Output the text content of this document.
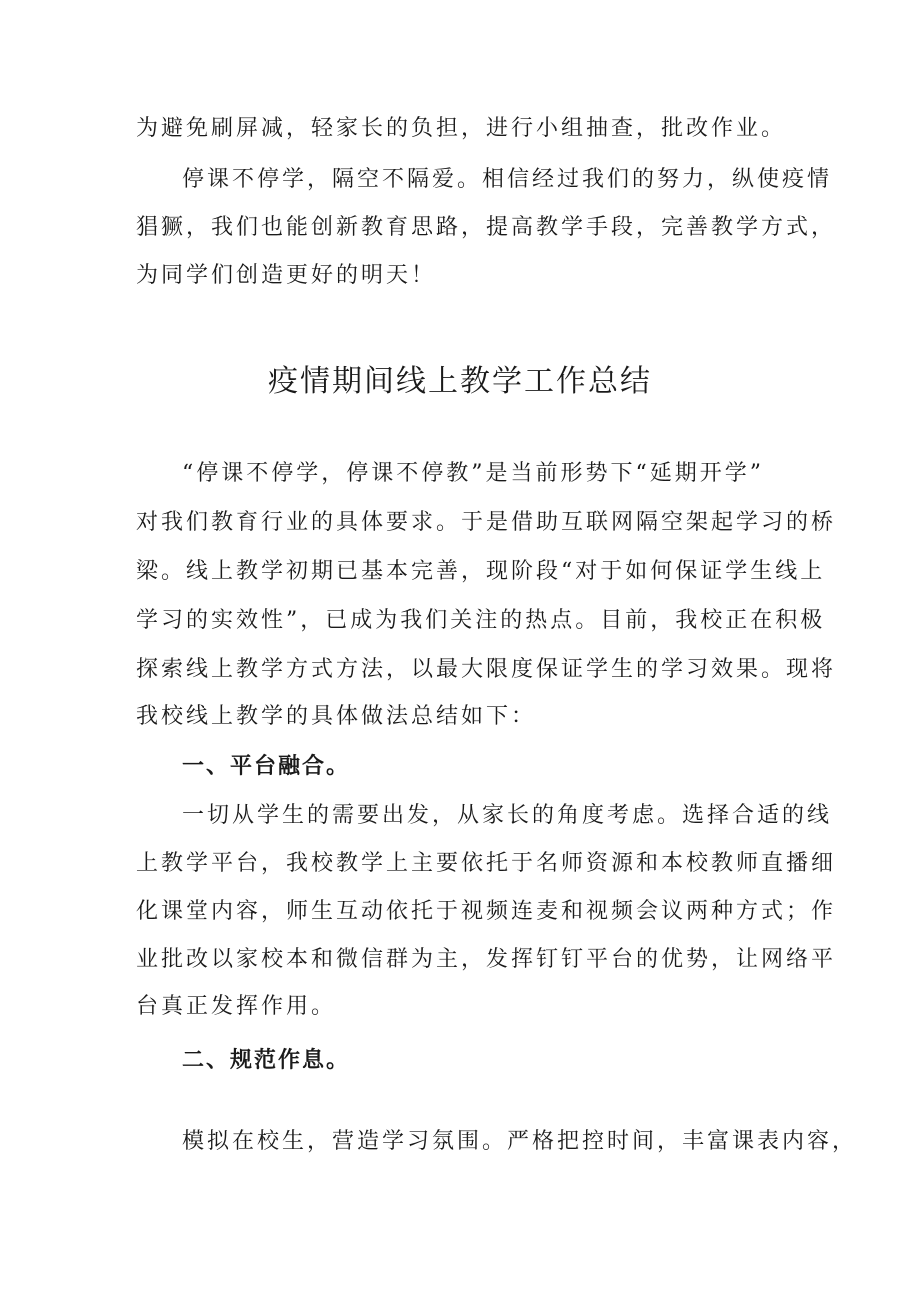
为避免刷屏减，轻家长的负担，进行小组抽查，批改作业。
停课不停学，隔空不隔爱。相信经过我们的努力，纵使疫情
猖獗，我们也能创新教育思路，提高教学手段，完善教学方式，
为同学们创造更好的明天！
疫情期间线上教学工作总结
“停课不停学，停课不停教”是当前形势下“延期开学”
对我们教育行业的具体要求。于是借助互联网隔空架起学习的桥
梁。线上教学初期已基本完善，现阶段“对于如何保证学生线上
学习的实效性”，已成为我们关注的热点。目前，我校正在积极
探索线上教学方式方法，以最大限度保证学生的学习效果。现将
我校线上教学的具体做法总结如下：
一、平台融合。
一切从学生的需要出发，从家长的角度考虑。选择合适的线
上教学平台，我校教学上主要依托于名师资源和本校教师直播细
化课堂内容，师生互动依托于视频连麦和视频会议两种方式；作
业批改以家校本和微信群为主，发挥钉钉平台的优势，让网络平
台真正发挥作用。
二、规范作息。
模拟在校生，营造学习氛围。严格把控时间，丰富课表内容，
